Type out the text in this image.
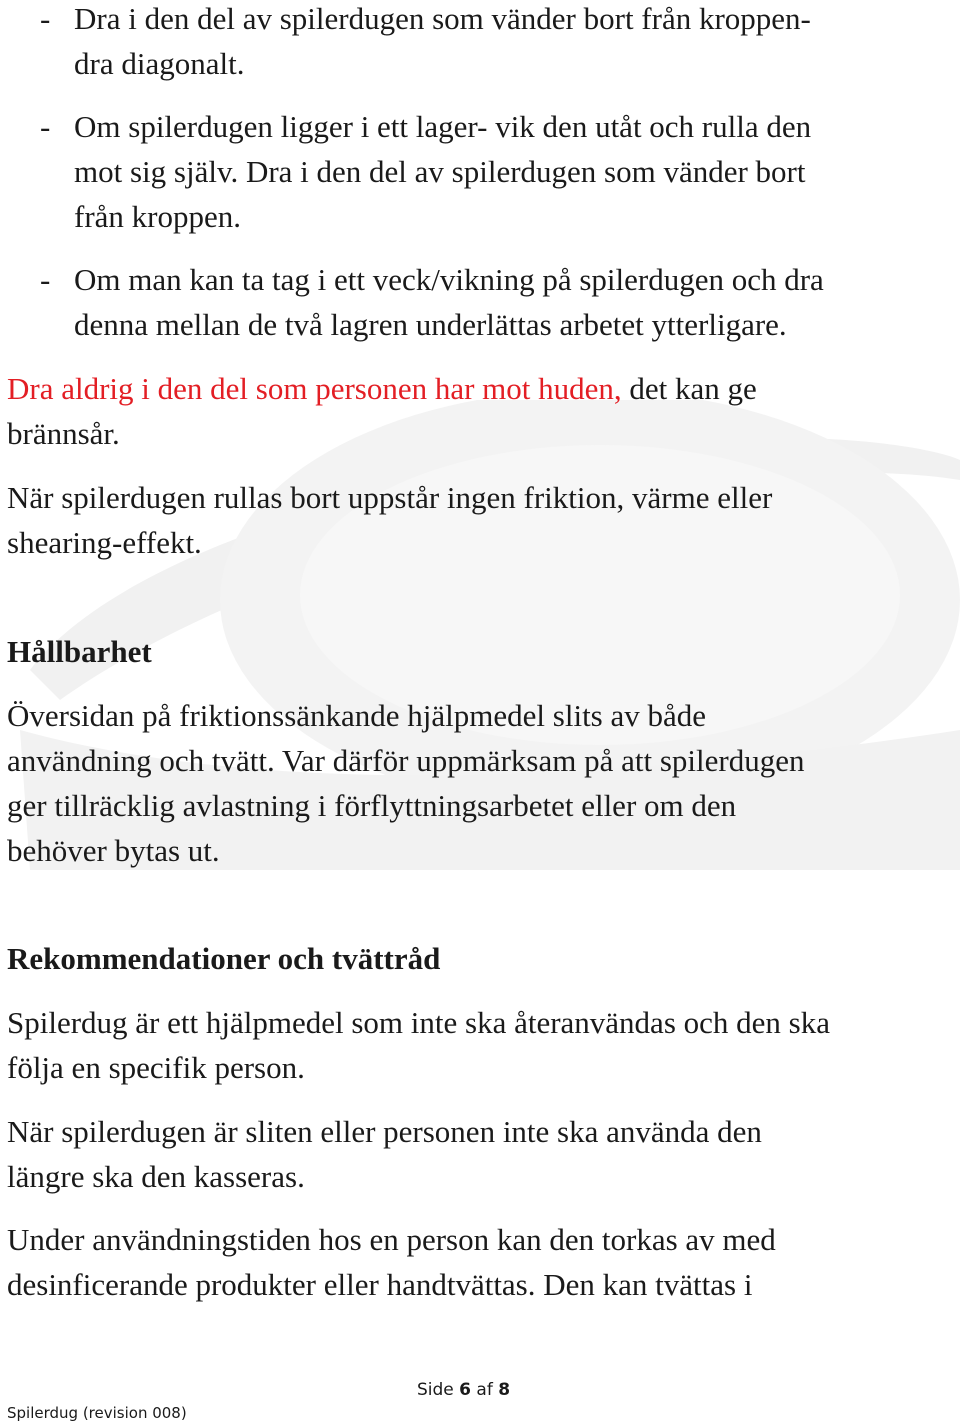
- Dra i den del av spilerdugen som vänder bort från kroppen-

dra diagonalt.

- Om spilerdugen ligger i ett lager- vik den utåt och rulla den

mot sig själv. Dra i den del av spilerdugen som vänder bort

från kroppen.

- Om man kan ta tag i ett veck/vikning på spilerdugen och dra

denna mellan de två lagren underlättas arbetet ytterligare.

Dra aldrig i den del som personen har mot huden, det kan ge

brännsår.

När spilerdugen rullas bort uppstår ingen friktion, värme eller

shearing-effekt.

Hållbarhet

Översidan på friktionssänkande hjälpmedel slits av både

användning och tvätt. Var därför uppmärksam på att spilerdugen

ger tillräcklig avlastning i förflyttningsarbetet eller om den

behöver bytas ut.

Rekommendationer och tvättråd

Spilerdug är ett hjälpmedel som inte ska återanvändas och den ska

följa en specifik person.

När spilerdugen är sliten eller personen inte ska använda den

längre ska den kasseras.

Under användningstiden hos en person kan den torkas av med

desinficerande produkter eller handtvättas. Den kan tvättas i

Side 6 af 8
Spilerdug (revision 008)
